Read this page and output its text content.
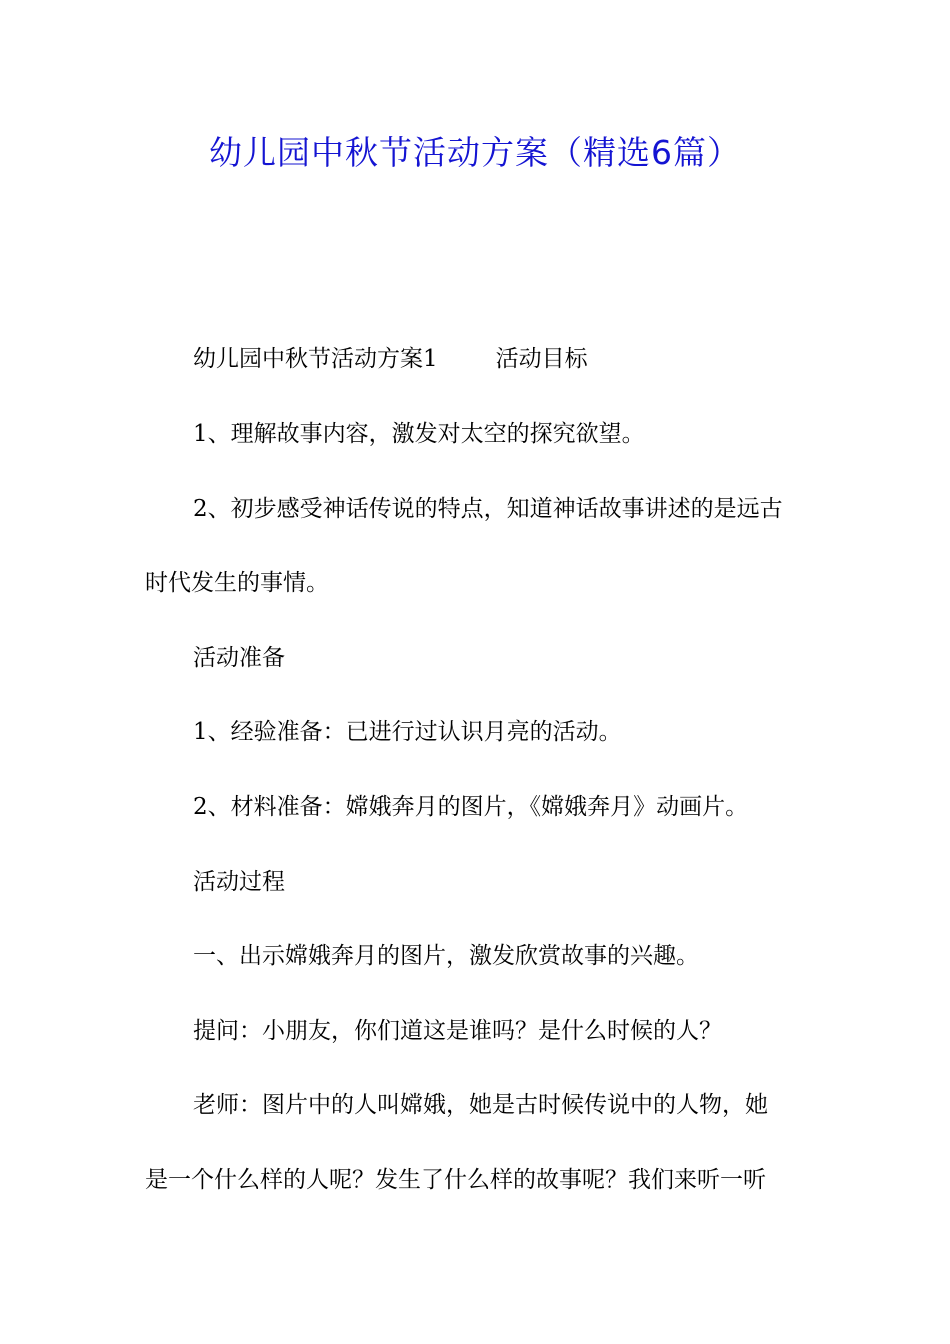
幼儿园中秋节活动方案（精选6篇）
幼儿园中秋节活动方案1	活动目标
1、理解故事内容，激发对太空的探究欲望。
2、初步感受神话传说的特点，知道神话故事讲述的是远古
时代发生的事情。
活动准备
1、经验准备：已进行过认识月亮的活动。
2、材料准备：嫦娥奔月的图片，《嫦娥奔月》动画片。
活动过程
一、出示嫦娥奔月的图片，激发欣赏故事的兴趣。
提问：小朋友，你们道这是谁吗？是什么时候的人？
老师：图片中的人叫嫦娥，她是古时候传说中的人物，她
是一个什么样的人呢？发生了什么样的故事呢？我们来听一听
